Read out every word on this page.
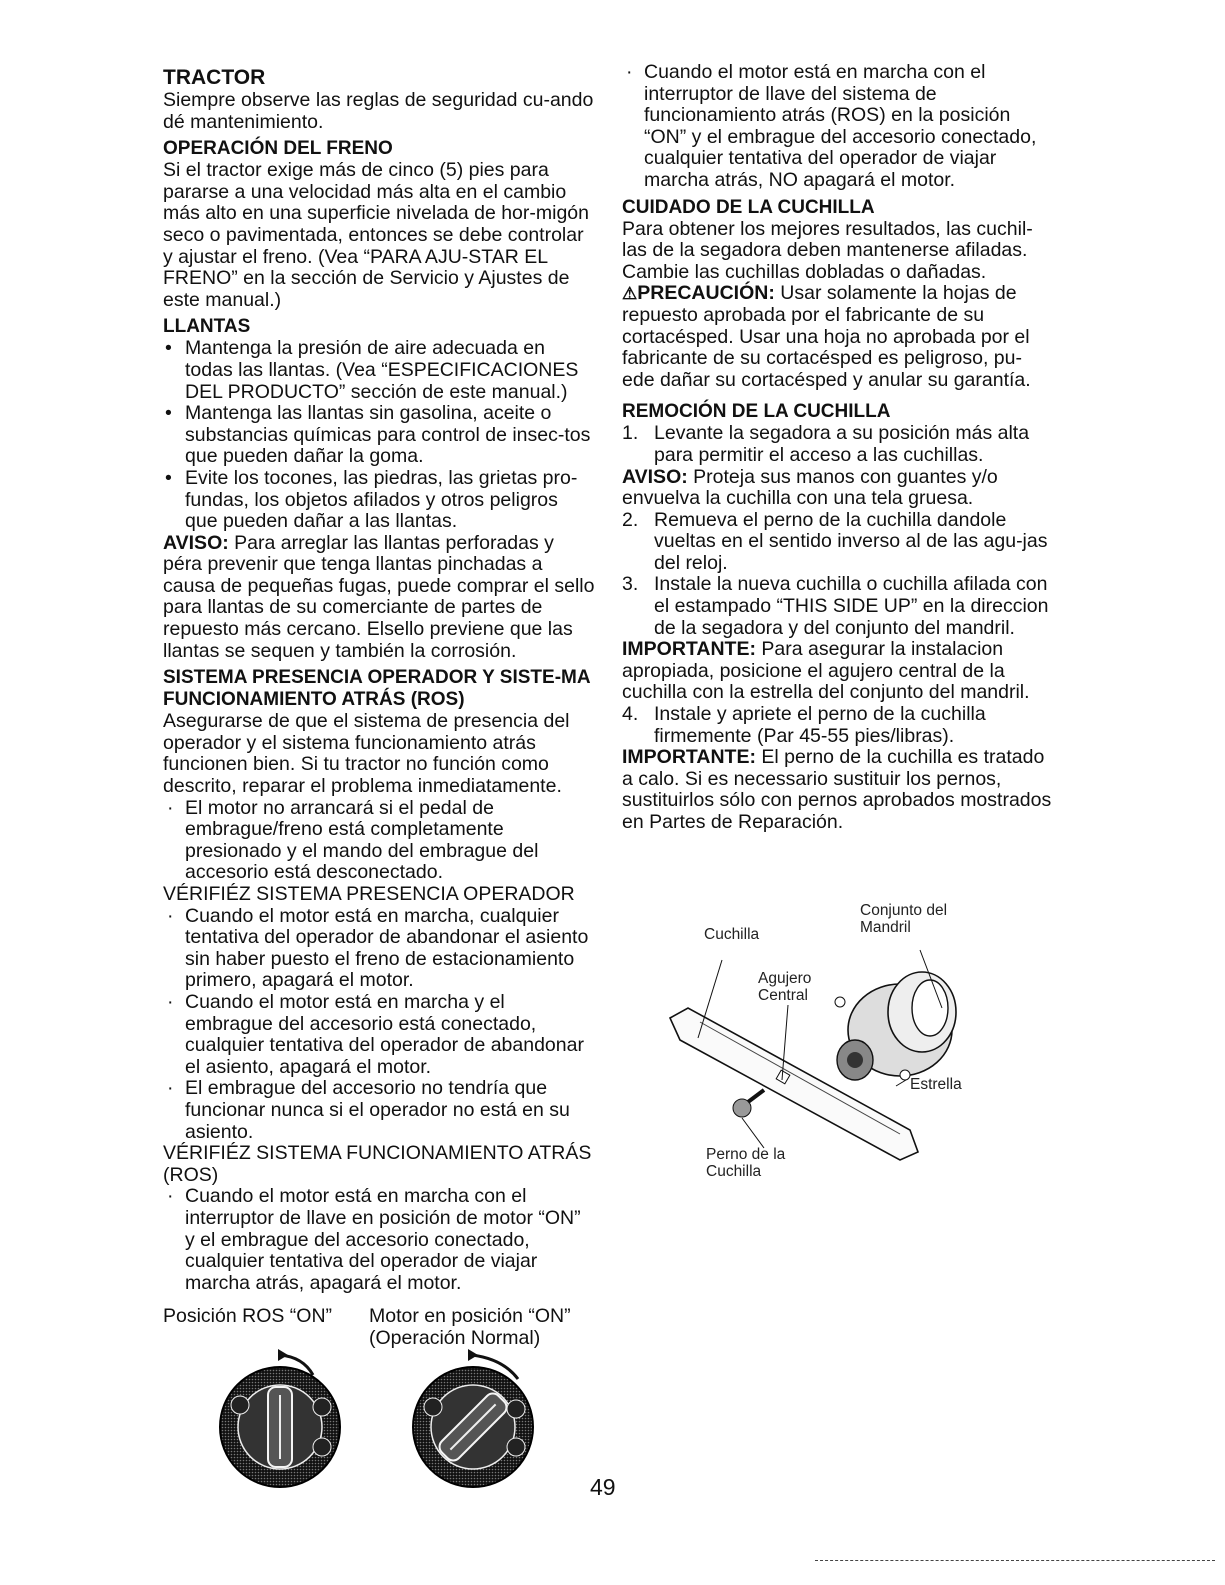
TRACTOR

Siempre observe las reglas de seguridad cu-ando dé mantenimiento.

OPERACIÓN DEL FRENO

Si el tractor exige más de cinco (5) pies para pararse a una velocidad más alta en el cambio más alto en una superficie nivelada de hor-migón seco o pavimentada, entonces se debe controlar y ajustar el freno. (Vea “PARA AJU-STAR EL FRENO” en la sección de Servicio y Ajustes de este manual.)

LLANTAS
• Mantenga la presión de aire adecuada en todas las llantas. (Vea “ESPECIFICACIONES DEL PRODUCTO” sección de este manual.)
• Mantenga las llantas sin gasolina, aceite o substancias químicas para control de insec-tos que pueden dañar la goma.
• Evite los tocones, las piedras, las grietas pro-fundas, los objetos afilados y otros peligros que pueden dañar a las llantas.

AVISO: Para arreglar las llantas perforadas y péra prevenir que tenga llantas pinchadas a causa de pequeñas fugas, puede comprar el sello para llantas de su comerciante de partes de repuesto más cercano. Elsello previene que las llantas se sequen y también la corrosión.

SISTEMA PRESENCIA OPERADOR Y SISTE-MA FUNCIONAMIENTO ATRÁS (ROS)

Asegurarse de que el sistema de presencia del operador y el sistema funcionamiento atrás funcionen bien. Si tu tractor no función como descrito, reparar el problema inmediatamente.

· El motor no arrancará si el pedal de embrague/freno está completamente presionado y el mando del embrague del accesorio está desconectado.

VÉRIFIÉZ SISTEMA PRESENCIA OPERADOR

· Cuando el motor está en marcha, cualquier tentativa del operador de abandonar el asiento sin haber puesto el freno de estacionamiento primero, apagará el motor.
· Cuando el motor está en marcha y el embrague del accesorio está conectado, cualquier tentativa del operador de abandonar el asiento, apagará el motor.
· El embrague del accesorio no tendría que funcionar nunca si el operador no está en su asiento.

VÉRIFIÉZ SISTEMA FUNCIONAMIENTO ATRÁS (ROS)

· Cuando el motor está en marcha con el interruptor de llave en posición de motor “ON” y el embrague del accesorio conectado, cualquier tentativa del operador de viajar marcha atrás, apagará el motor.
Posición ROS “ON” Motor en posición “ON” (Operación Normal)
· Cuando el motor está en marcha con el interruptor de llave del sistema de funcionamiento atrás (ROS) en la posición “ON” y el embrague del accesorio conectado, cualquier tentativa del operador de viajar marcha atrás, NO apagará el motor.
CUIDADO DE LA CUCHILLA

Para obtener los mejores resultados, las cuchil-las de la segadora deben mantenerse afiladas. Cambie las cuchillas dobladas o dañadas.

⚠PRECAUCIÓN: Usar solamente la hojas de repuesto aprobada por el fabricante de su cortacésped. Usar una hoja no aprobada por el fabricante de su cortacésped es peligroso, pu-ede dañar su cortacésped y anular su garantía.

REMOCIÓN DE LA CUCHILLA
1. Levante la segadora a su posición más alta para permitir el acceso a las cuchillas.

AVISO: Proteja sus manos con guantes y/o envuelva la cuchilla con una tela gruesa.

2. Remueva el perno de la cuchilla dandole vueltas en el sentido inverso al de las agu-jas del reloj.
3. Instale la nueva cuchilla o cuchilla afilada con el estampado “THIS SIDE UP” en la direccion de la segadora y del conjunto del mandril.

IMPORTANTE: Para asegurar la instalacion apropiada, posicione el agujero central de la cuchilla con la estrella del conjunto del mandril.

4. Instale y apriete el perno de la cuchilla firmemente (Par 45-55 pies/libras).

IMPORTANTE: El perno de la cuchilla es tratado a calo. Si es necessario sustituir los pernos, sustituirlos sólo con pernos aprobados mostrados en Partes de Reparación.

Cuchilla
Conjunto del Mandril
Agujero Central
Estrella
Perno de la Cuchilla
49
